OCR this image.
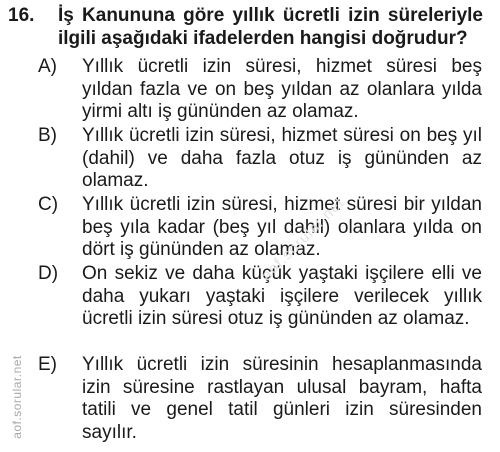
16. İş Kanununa göre yıllık ücretli izin süreleriyle ilgili aşağıdaki ifadelerden hangisi doğrudur?
A) Yıllık ücretli izin süresi, hizmet süresi beş yıldan fazla ve on beş yıldan az olanlara yılda yirmi altı iş gününden az olamaz.
B) Yıllık ücretli izin süresi, hizmet süresi on beş yıl (dahil) ve daha fazla otuz iş gününden az olamaz.
C) Yıllık ücretli izin süresi, hizmet süresi bir yıldan beş yıla kadar (beş yıl dahil) olanlara yılda on dört iş gününden az olamaz.
D) On sekiz ve daha küçük yaştaki işçilere elli ve daha yukarı yaştaki işçilere verilecek yıllık ücretli izin süresi otuz iş gününden az olamaz.
E) Yıllık ücretli izin süresinin hesaplanmasında izin süresine rastlayan ulusal bayram, hafta tatili ve genel tatil günleri izin süresinden sayılır.
aof.sorular.net
aof.sorular.net
